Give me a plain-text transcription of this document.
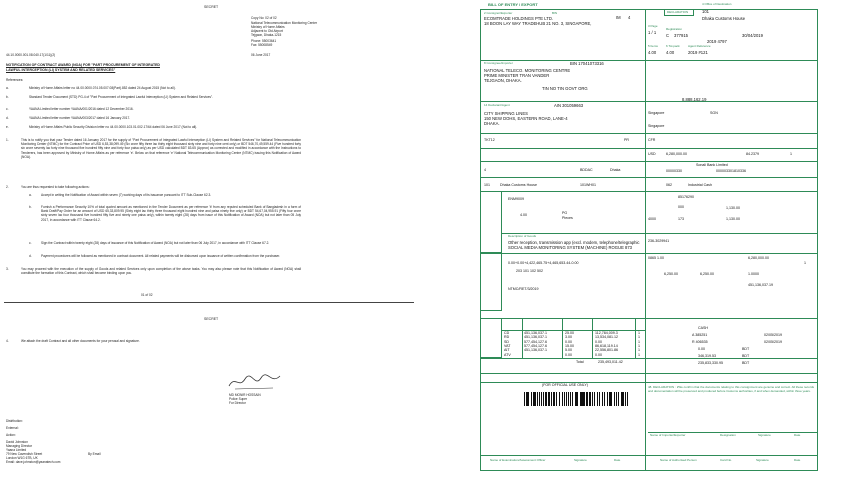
SECRET
Copy No: 02 of 02
National Telecommunication Monitoring Center
Ministry of Home Affairs
Adjacent to Old Airport
Tejgaon, Dhaka-1215
Phone: 55003641
Fax: 55008549
44.10.0000.001.08.040.17(1/11)(2)	06 June 2017
NOTIFICATION OF CONTRACT AWARD (NOA) FOR "PART PROCUREMENT OF INTEGRATED
LAWFUL INTERCEPTION (LI) SYSTEM AND RELATED SERVICES"
References:
a.	Ministry of Home Affairs letter no 44.00.0000.074.05.007.08(Part).852 dated 24 August 2015 (Not to all).
b.	Standard Tender Document (STD) PG-4 of "Part Procurement of Integrated Lawful Interception (LI) System and Related Services".
c.	YAANA Limited letter number YAANA/001/2016 dated 12 December 2016.
d.	YAANA Limited letter number YAANA/003/2017 dated 16 January 2017.
e.	Ministry of Home Affairs Public Security Division letter no 44.00.0000.103.01.002.17/64 dated 06 June 2017 (Not to all).
1.	This is to notify you that your Tender dated 16 January 2017 for the supply of "Part Procurement of Integrated Lawful Interception (LI) System and Related Services" for National Telecommunication Monitoring Center (NTMC) for the Contract Price of USD 6,53,38,099.49 (Six crore fifty three lac thirty eight thousand sixty nine and forty nine cent only) or BDT 546,70,49,559.44 (Five hundred forty six crore seventy lac forty nine thousand five hundred fifty nine and forty four paisa only) as per USD calculated BDT 83.65 (Approx) as corrected and modified in accordance with the Instructions to Tenderers, has been approved by Ministry of Home Affairs as per reference 'e'. Below on that reference 'e' National Telecommunication Monitoring Centre (NTMC) issuing this Notification of Award (NOA).
2.	You are thus requested to take following actions:
a.	Accept in writing the Notification of Award within seven (7) working days of its issuance pursuant to ITT Sub-Clause 62.3.
b.	Furnish a Performance Security 10% of total quoted amount as mentioned in the Tender Document as per reference 'b' from any reputed scheduled Bank of Bangladesh in a form of Bank Draft/Pay Order for an amount of USD 65,33,809.95 (Sixty eight lac thirty three thousand eight hundred nine and paisa ninety five only) or BDT 54,67,04,955.91 (Fifty four crore sixty seven lac four thousand five hundred fifty five and ninety one paisa only), within twenty eight (28) days from issue of this Notification of Award (NOA) but not later than 05 July 2017, in accordance with ITT Clause 64.2.
c.	Sign the Contract within twenty eight (28) days of issuance of this Notification of Award (NOA) but not later than 06 July 2017, in accordance with ITT Clause 67.2.
d.	Payment procedures will be followed as mentioned in contract document. All related payments will be disbursed upon issuance of written confirmation from the purchaser.
3.	You may proceed with the execution of the supply of Goods and related Services only upon completion of the above tasks. You may also please note that this Notification of Award (NOA) shall constitute the formation of this Contract, which shall become binding upon you.
01 of 02
SECRET
4.	We attach the draft Contract and all other documents for your perusal and signature.
MD MONIR HOSSAIN
Police Super
For Director
Distribution:
External:
Action:
David Johnston
Managing Director
Yaana Limited
79 New Cavendish Street
London W1G 6TB, UK
Email: dave.johnston@yaanatech.com
By Email
BILL OF ENTRY / EXPORT
2 Consignor/Exporter	BIN
ECOMTRADE HOLDINGS PTE LTD.
18 BOON LAY WAY TRADEHUB 21 NO. 3, SINGAPORE,
IM 4
DECLARATION
4 Office of Destination
101
Dhaka Customs House
3 Page
1 / 1
Registration
C 377915	30/04/2019
2019 4797
5 Items
4.00
6 Tot.pack
4.00
Agent Reference
2019 #121
8 Consignee/Importer	BIN 17041073316
NATIONAL TELECO. MONITORING CENTRE
PRIME MINISTER TRAN VANDER
TEJGAON, DHAKA.
TIN NO TIN GOVT ORG
14 Declarant/Agent	AIN 301059663
CITY SHIPPING LINES
150 NEW DOHS, EASTERN ROAD, LANE-4
DHAKA.
8,888,162.19
Singapore	SGN
Singapore
TKT12	PR	CFR
USD	6,280,000.00	84.2379	1
4	BDDAC	Dhaka
Sonali Bank Limited
00000330	000003301810336
101	Dhaka Customs House	101WH01	062	Industrial Cash
ENM9009
4.00	PG
Pieces
85176290
000	1,130.00
4000	173	1,130.00
Description of Goods
Other reception, transmission app (excl. modem, telephone/telegraphic
SOCIAL MEDIA MONITORING SYSTEM (MACHINE) ROGUE 873
236-3029941
0865 1.00	6,280,000.00
1
0.00+0.00+4,422,465.75+4,465,653.44-0.00
203 101 102 502
6,250.00	6,250.00	1.0000
451,136,037.19
NTMC/RET/3/2019
Total	235,493,011.42
CASH
A 385251	02/05/2019
R 406535	02/05/2019
0.00	BDT
346,319.53	BDT
235,833,330.95	BDT
(FOR OFFICIAL USE ONLY)	48. DECLARATION : I/We confirm that the documents relating to this consignment are genuine and correct. All these records and documentation will be preserved and produced before Customs authorities, if and when demanded, within three years.
Name of Importer/Exporter	Designation	Signature	Date
Name of Examination/Assessment Officer	Signature	Date	Name of Authorised Person	Card No.	Signature	Date
CD	451,136,037.1	25.00	112,784,009.3	1
RD	451,136,037.1	3.00	13,534,081.12	1
SD	577,454,127.6	0.00	0.00	1
VAT	577,454,127.6	15.00	86,618,119.14	1
AIT	451,136,037.1	5.00	22,556,801.86	1
ATV	0.00	0.00	1
